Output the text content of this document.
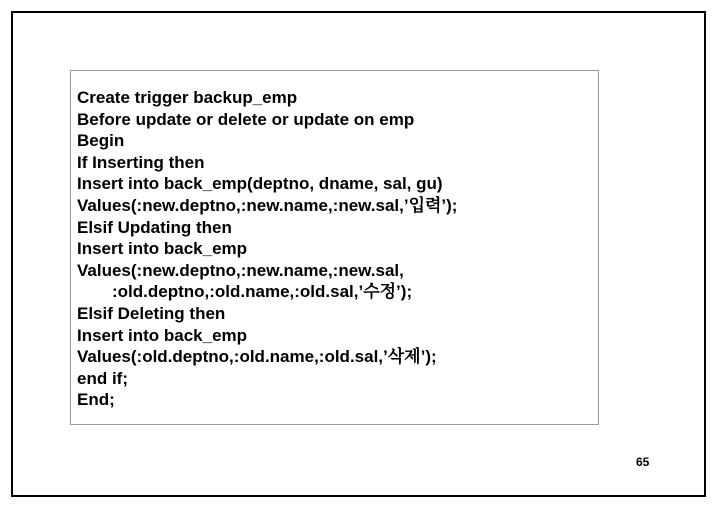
Create trigger backup_emp
Before update or delete or update on emp
Begin
If Inserting then
Insert into back_emp(deptno, dname, sal, gu)
Values(:new.deptno,:new.name,:new.sal,’입력’);
Elsif Updating then
Insert into back_emp
Values(:new.deptno,:new.name,:new.sal,
:old.deptno,:old.name,:old.sal,’수정’);
Elsif Deleting then
Insert into back_emp
Values(:old.deptno,:old.name,:old.sal,’삭제’);
end if;
End;
65
